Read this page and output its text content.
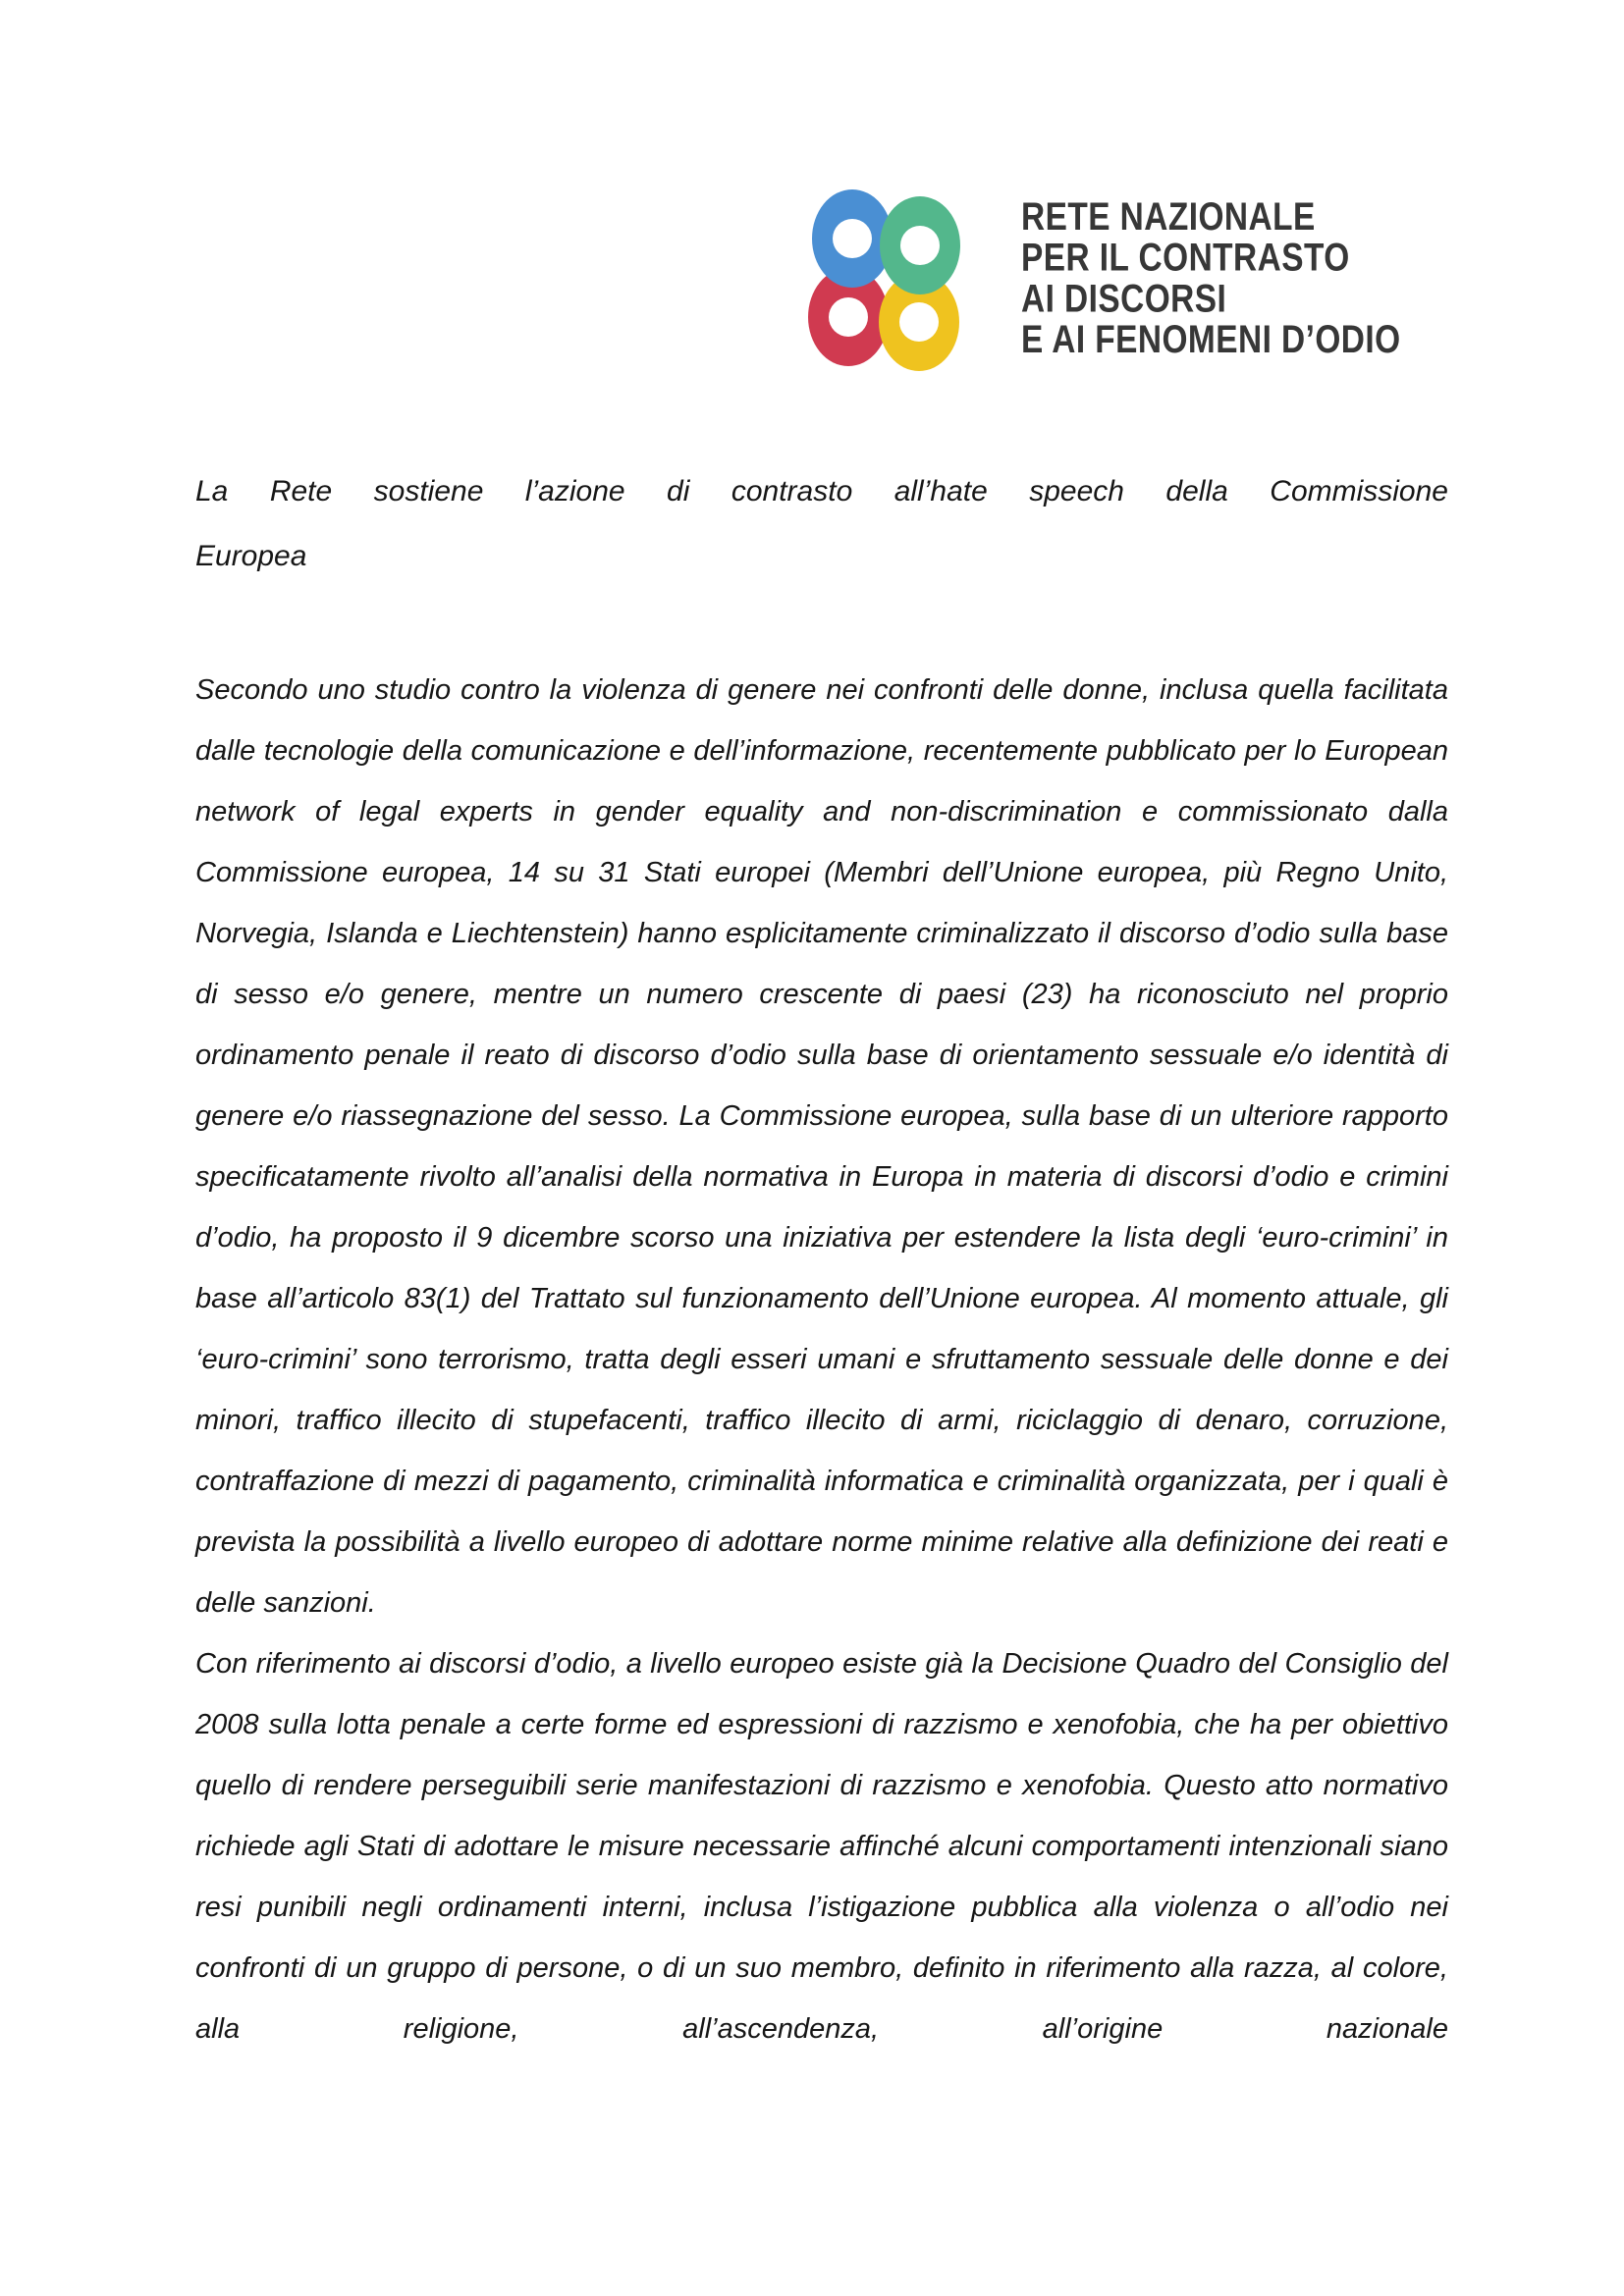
RETE NAZIONALE
PER IL CONTRASTO
AI DISCORSI
E AI FENOMENI D’ODIO
La Rete sostiene l’azione di contrasto all’hate speech della Commissione
Europea

Secondo uno studio contro la violenza di genere nei confronti delle donne, inclusa quella facilitata dalle tecnologie della comunicazione e dell’informazione, recentemente pubblicato per lo European network of legal experts in gender equality and non-discrimination e commissionato dalla Commissione europea, 14 su 31 Stati europei (Membri dell’Unione europea, più Regno Unito, Norvegia, Islanda e Liechtenstein) hanno esplicitamente criminalizzato il discorso d’odio sulla base di sesso e/o genere, mentre un numero crescente di paesi (23) ha riconosciuto nel proprio ordinamento penale il reato di discorso d’odio sulla base di orientamento sessuale e/o identità di genere e/o riassegnazione del sesso. La Commissione europea, sulla base di un ulteriore rapporto specificatamente rivolto all’analisi della normativa in Europa in materia di discorsi d’odio e crimini d’odio, ha proposto il 9 dicembre scorso una iniziativa per estendere la lista degli ‘euro-crimini’ in base all’articolo 83(1) del Trattato sul funzionamento dell’Unione europea. Al momento attuale, gli ‘euro-crimini’ sono terrorismo, tratta degli esseri umani e sfruttamento sessuale delle donne e dei minori, traffico illecito di stupefacenti, traffico illecito di armi, riciclaggio di denaro, corruzione, contraffazione di mezzi di pagamento, criminalità informatica e criminalità organizzata, per i quali è prevista la possibilità a livello europeo di adottare norme minime relative alla definizione dei reati e delle sanzioni.

Con riferimento ai discorsi d’odio, a livello europeo esiste già la Decisione Quadro del Consiglio del 2008 sulla lotta penale a certe forme ed espressioni di razzismo e xenofobia, che ha per obiettivo quello di rendere perseguibili serie manifestazioni di razzismo e xenofobia. Questo atto normativo richiede agli Stati di adottare le misure necessarie affinché alcuni comportamenti intenzionali siano resi punibili negli ordinamenti interni, inclusa l’istigazione pubblica alla violenza o all’odio nei confronti di un gruppo di persone, o di un suo membro, definito in riferimento alla razza, al colore, alla religione, all’ascendenza, all’origine nazionale
